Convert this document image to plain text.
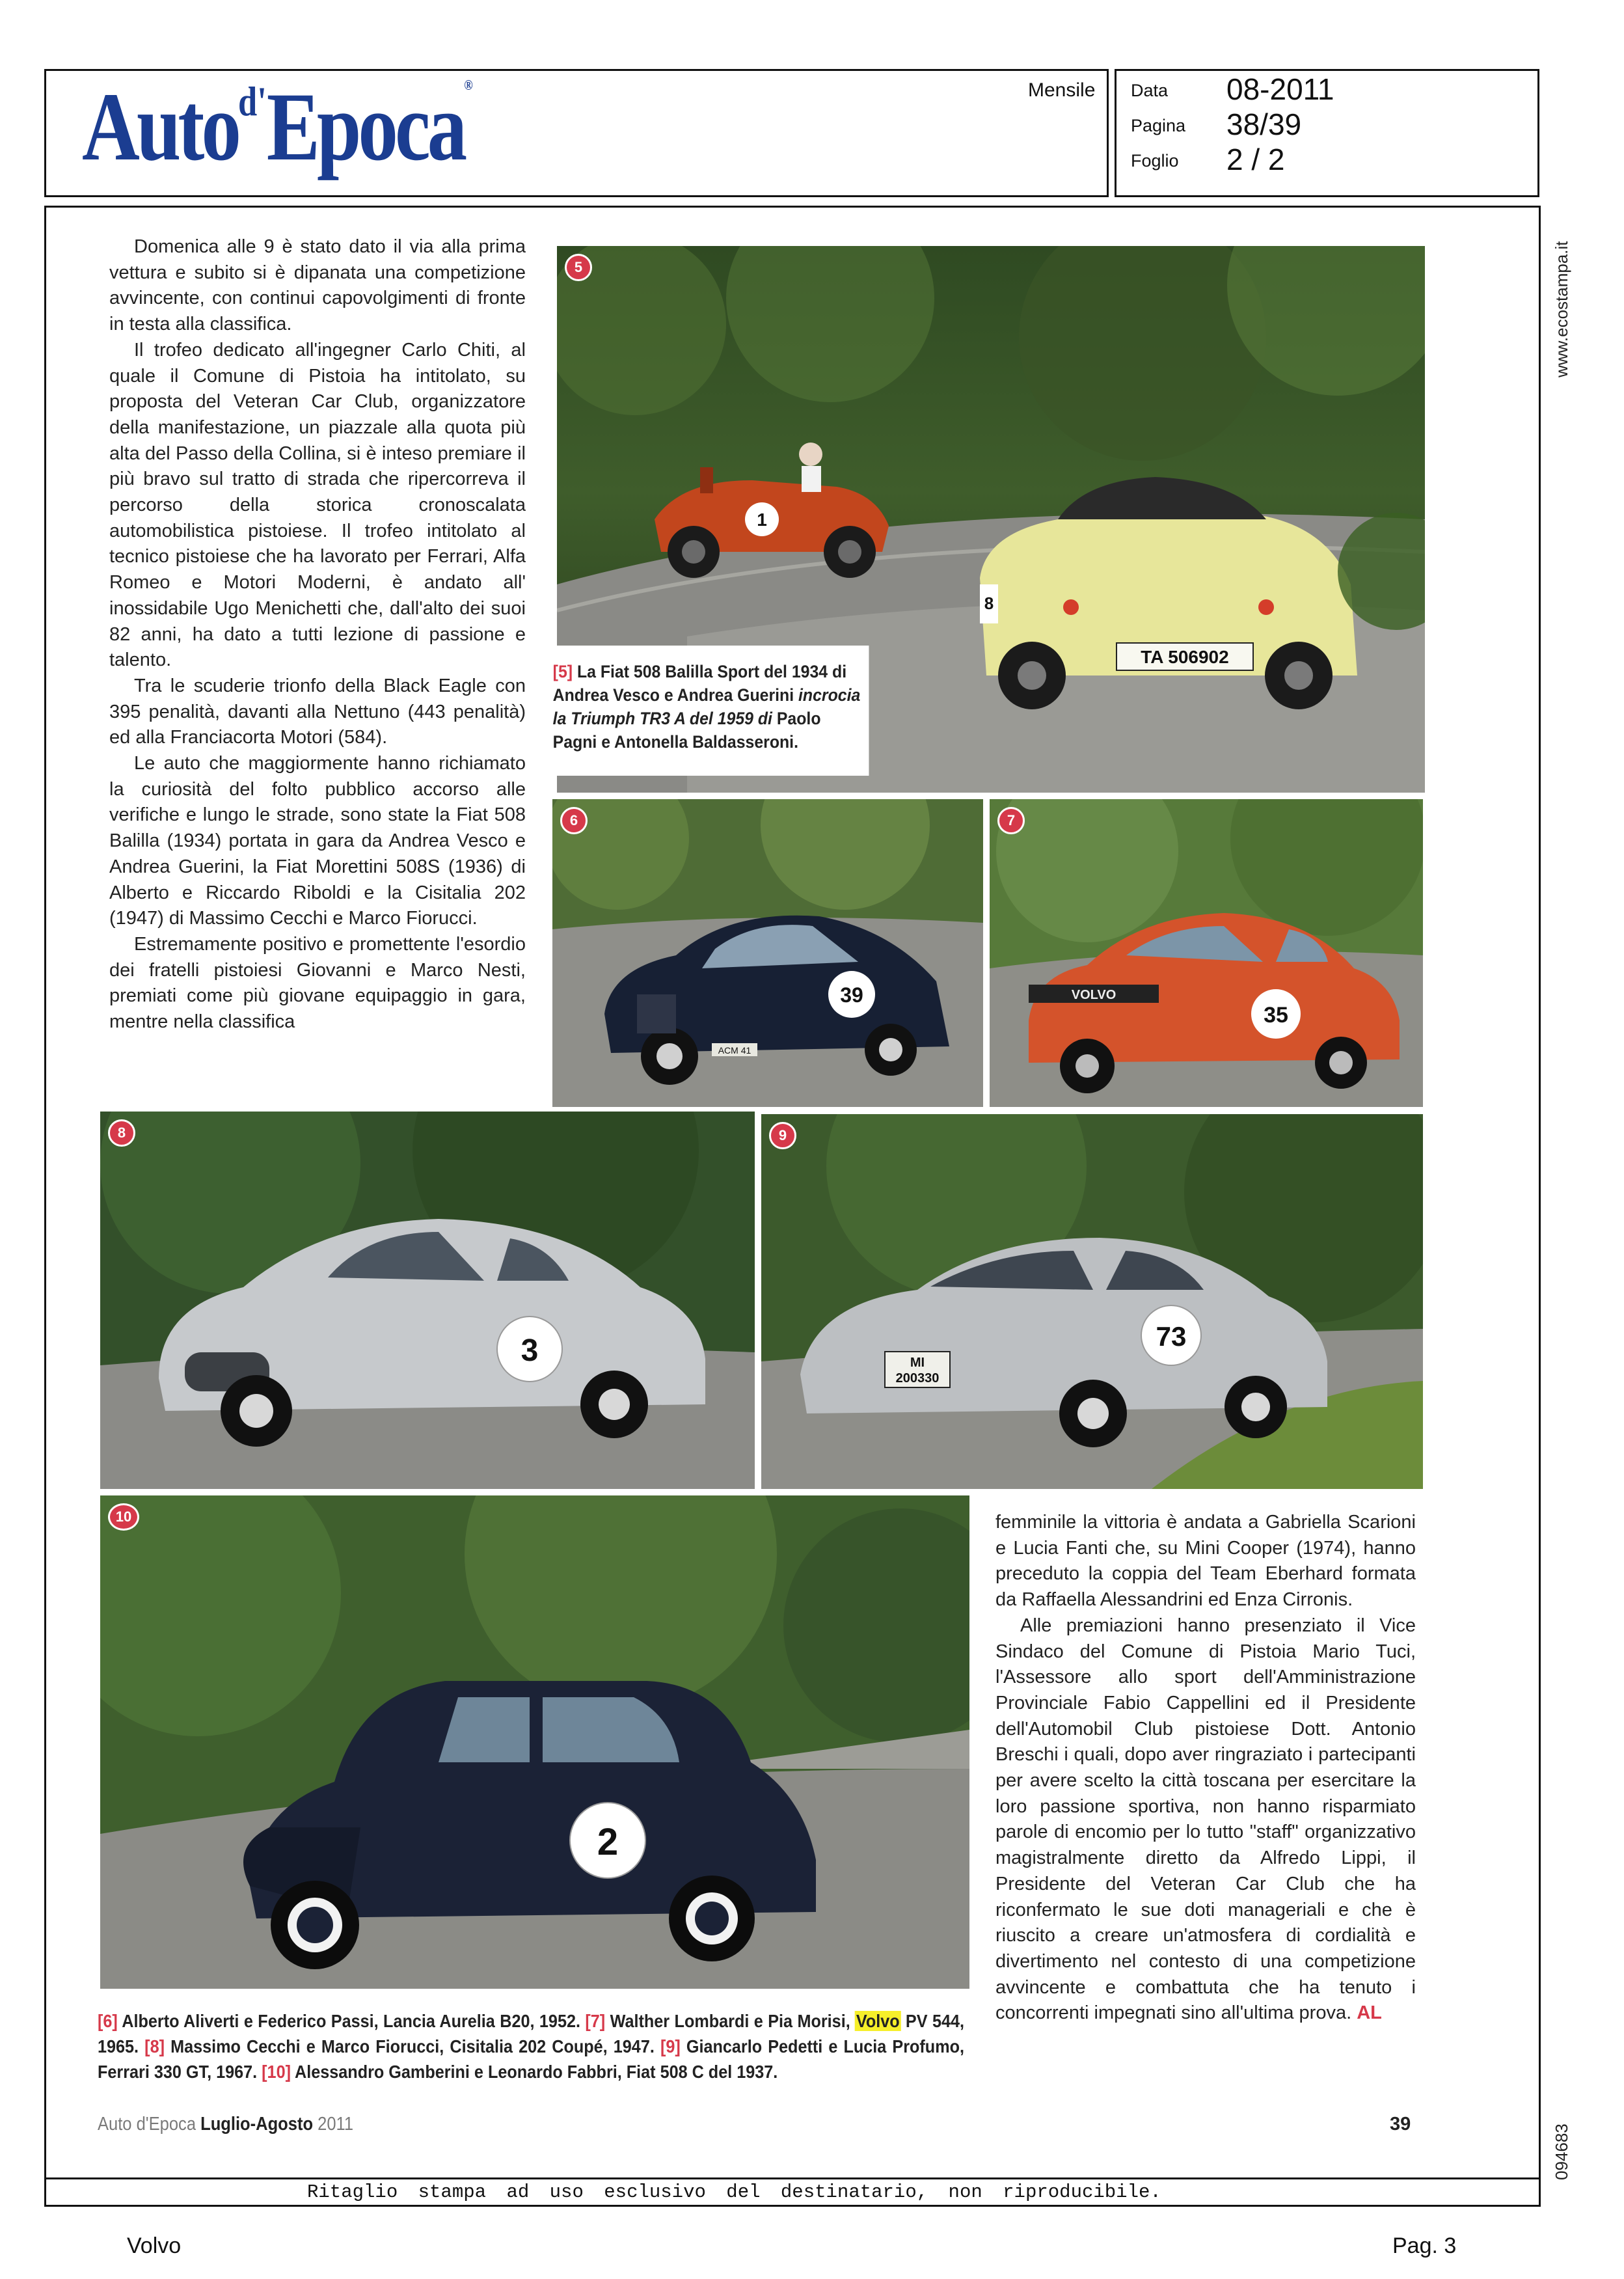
Auto$^{d'}$Epoca®	Mensile Data 08-2011
Pagina 38/39
Foglio 2 / 2
www.ecostampa.it
094683

Domenica alle 9 è stato dato il via alla prima vettura e subito si è dipanata una competizione avvincente, con continui capovolgimenti di fronte in testa alla classifica.

Il trofeo dedicato all'ingegner Carlo Chiti, al quale il Comune di Pistoia ha intitolato, su proposta del Veteran Car Club, organizzatore della manifestazione, un piazzale alla quota più alta del Passo della Collina, si è inteso premiare il più bravo sul tratto di strada che ripercorreva il percorso della storica cronoscalata automobilistica pistoiese. Il trofeo intitolato al tecnico pistoiese che ha lavorato per Ferrari, Alfa Romeo e Motori Moderni, è andato all' inossidabile Ugo Menichetti che, dall'alto dei suoi 82 anni, ha dato a tutti lezione di passione e talento.

Tra le scuderie trionfo della Black Eagle con 395 penalità, davanti alla Nettuno (443 penalità) ed alla Franciacorta Motori (584).

Le auto che maggiormente hanno richiamato la curiosità del folto pubblico accorso alle verifiche e lungo le strade, sono state la Fiat 508 Balilla (1934) portata in gara da Andrea Vesco e Andrea Guerini, la Fiat Morettini 508S (1936) di Alberto e Riccardo Riboldi e la Cisitalia 202 (1947) di Massimo Cecchi e Marco Fiorucci.

Estremamente positivo e promettente l'esordio dei fratelli pistoiesi Giovanni e Marco Nesti, premiati come più giovane equipaggio in gara, mentre nella classifica

1
TA 506902
8
5
[5] La Fiat 508 Balilla Sport del 1934 di Andrea Vesco e Andrea Guerini incrocia la Triumph TR3 A del 1959 di Paolo Pagni e Antonella Baldasseroni.
39
ACM 41
6
VOLVO
35
7
3
8
MI
200330
73
9
2
10	femminile la vittoria è andata a Gabriella Scarioni e Lucia Fanti che, su Mini Cooper (1974), hanno preceduto la coppia del Team Eberhard formata da Raffaella Alessandrini ed Enza Cirronis.

Alle premiazioni hanno presenziato il Vice Sindaco del Comune di Pistoia Mario Tuci, l'Assessore allo sport dell'Amministrazione Provinciale Fabio Cappellini ed il Presidente dell'Automobil Club pistoiese Dott. Antonio Breschi i quali, dopo aver ringraziato i partecipanti per avere scelto la città toscana per esercitare la loro passione sportiva, non hanno risparmiato parole di encomio per lo tutto "staff" organizzativo magistralmente diretto da Alfredo Lippi, il Presidente del Veteran Car Club che ha riconfermato le sue doti manageriali e che è riuscito a creare un'atmosfera di cordialità e divertimento nel contesto di una competizione avvincente e combattuta che ha tenuto i concorrenti impegnati sino all'ultima prova. AL

[6] Alberto Aliverti e Federico Passi, Lancia Aurelia B20, 1952. [7] Walther Lombardi e Pia Morisi, Volvo PV 544, 1965. [8] Massimo Cecchi e Marco Fiorucci, Cisitalia 202 Coupé, 1947. [9] Giancarlo Pedetti e Lucia Profumo, Ferrari 330 GT, 1967. [10] Alessandro Gamberini e Leonardo Fabbri, Fiat 508 C del 1937.
Auto d'Epoca Luglio-Agosto 2011	39
Ritaglio stampa ad uso esclusivo del destinatario, non riproducibile.
Volvo	Pag. 3
